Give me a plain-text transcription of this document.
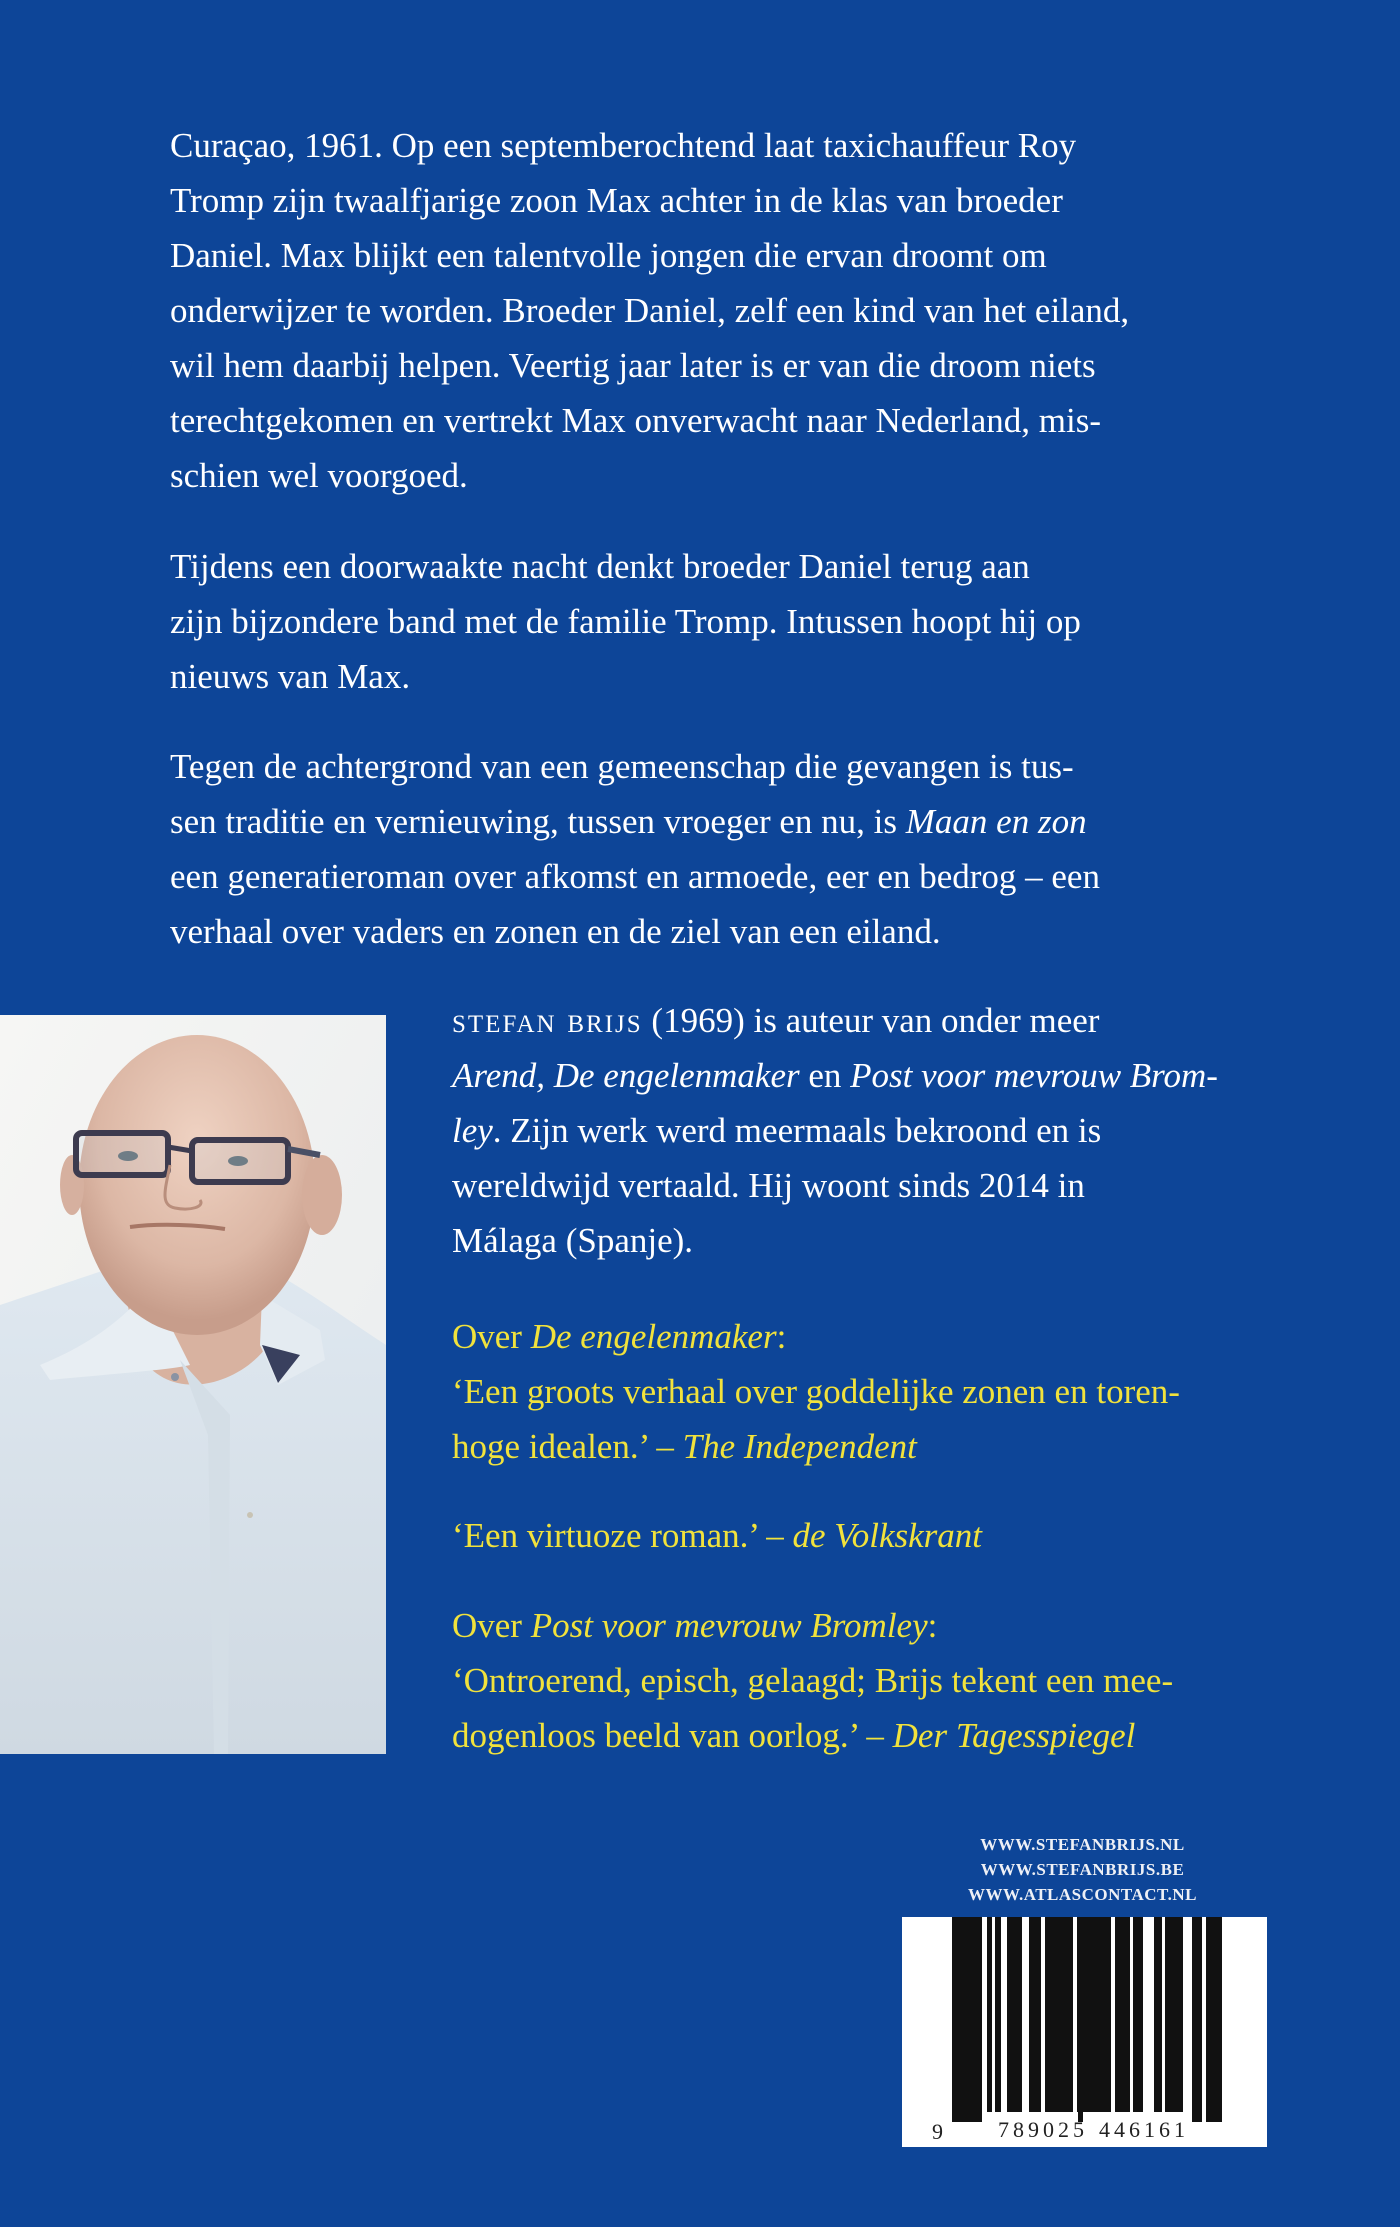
Curaçao, 1961. Op een septemberochtend laat taxichauffeur Roy
Tromp zijn twaalfjarige zoon Max achter in de klas van broeder
Daniel. Max blijkt een talentvolle jongen die ervan droomt om
onderwijzer te worden. Broeder Daniel, zelf een kind van het eiland,
wil hem daarbij helpen. Veertig jaar later is er van die droom niets
terechtgekomen en vertrekt Max onverwacht naar Nederland, mis-
schien wel voorgoed.
Tijdens een doorwaakte nacht denkt broeder Daniel terug aan
zijn bijzondere band met de familie Tromp. Intussen hoopt hij op
nieuws van Max.
Tegen de achtergrond van een gemeenschap die gevangen is tus-
sen traditie en vernieuwing, tussen vroeger en nu, is Maan en zon
een generatieroman over afkomst en armoede, eer en bedrog – een
verhaal over vaders en zonen en de ziel van een eiland.
stefan brijs (1969) is auteur van onder meer
Arend, De engelenmaker en Post voor mevrouw Brom-
ley. Zijn werk werd meermaals bekroond en is
wereldwijd vertaald. Hij woont sinds 2014 in
Málaga (Spanje).
Over De engelenmaker:
‘Een groots verhaal over goddelijke zonen en toren-
hoge idealen.’ – The Independent
‘Een virtuoze roman.’ – de Volkskrant
Over Post voor mevrouw Bromley:
‘Ontroerend, episch, gelaagd; Brijs tekent een mee-
dogenloos beeld van oorlog.’ – Der Tagesspiegel
WWW.STEFANBRIJS.NL
WWW.STEFANBRIJS.BE
WWW.ATLASCONTACT.NL
9	789025 446161
